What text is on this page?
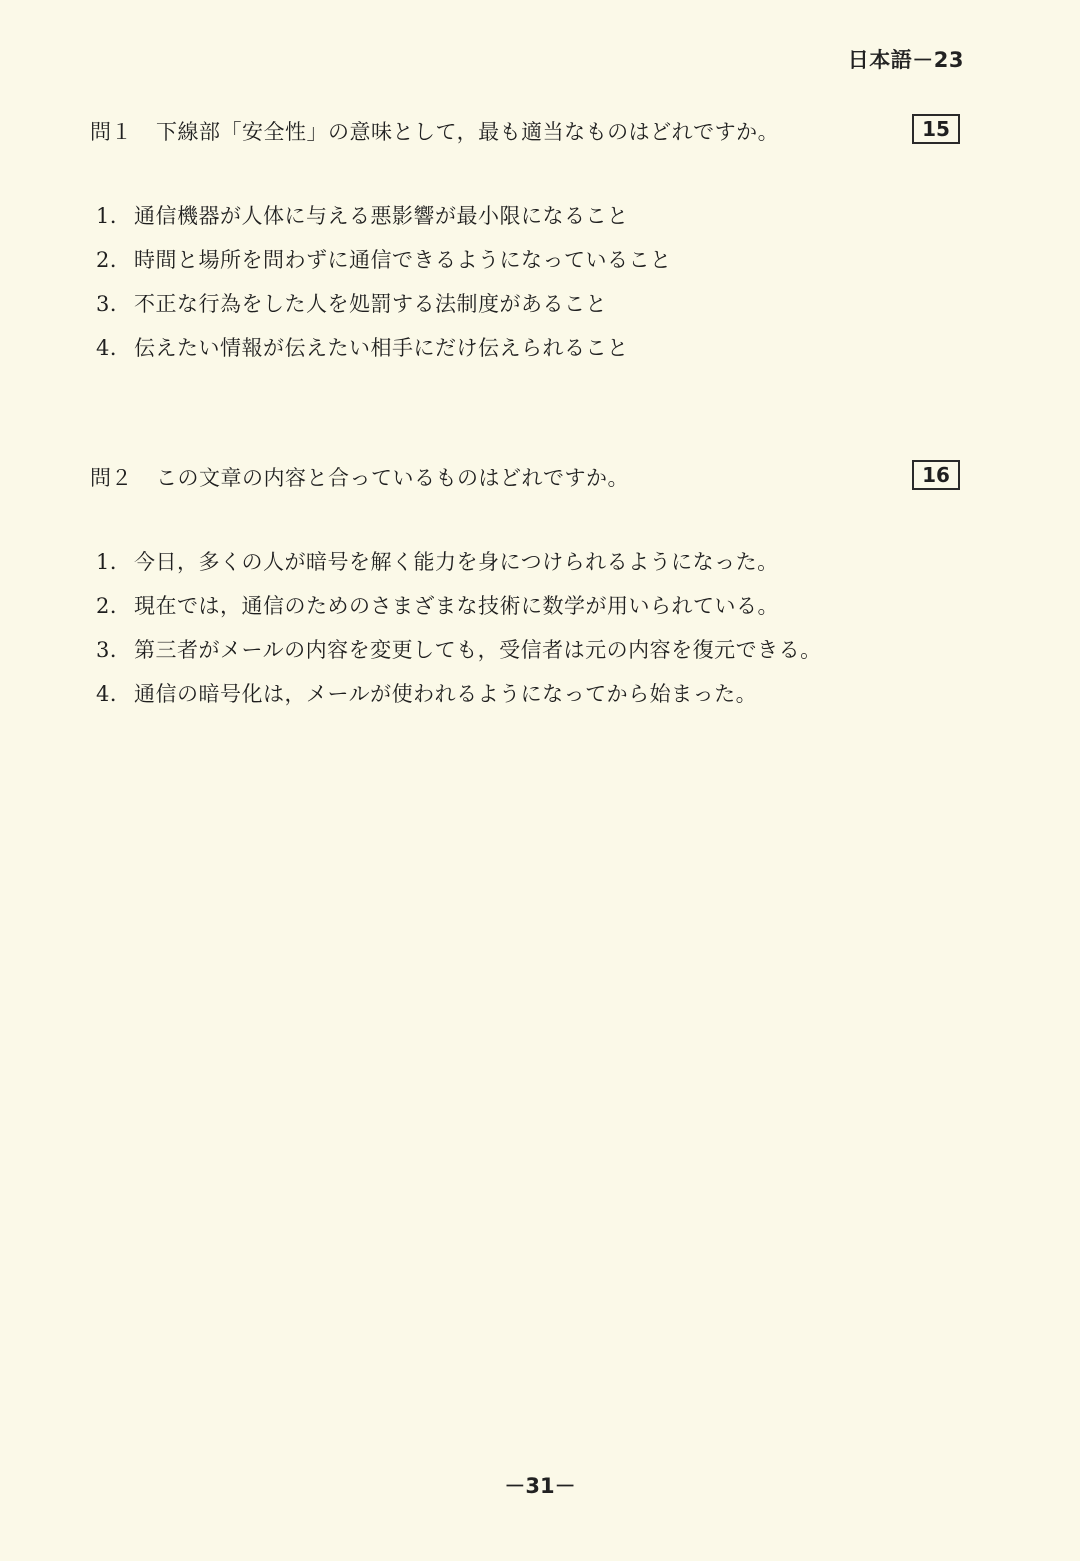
日本語－23
問１ 下線部「安全性」の意味として，最も適当なものはどれですか。	15
1． 通信機器が人体に与える悪影響が最小限になること
2． 時間と場所を問わずに通信できるようになっていること
3． 不正な行為をした人を処罰する法制度があること
4． 伝えたい情報が伝えたい相手にだけ伝えられること
問２ この文章の内容と合っているものはどれですか。	16
1． 今日，多くの人が暗号を解く能力を身につけられるようになった。
2． 現在では，通信のためのさまざまな技術に数学が用いられている。
3． 第三者がメールの内容を変更しても，受信者は元の内容を復元できる。
4． 通信の暗号化は，メールが使われるようになってから始まった。
－31－
